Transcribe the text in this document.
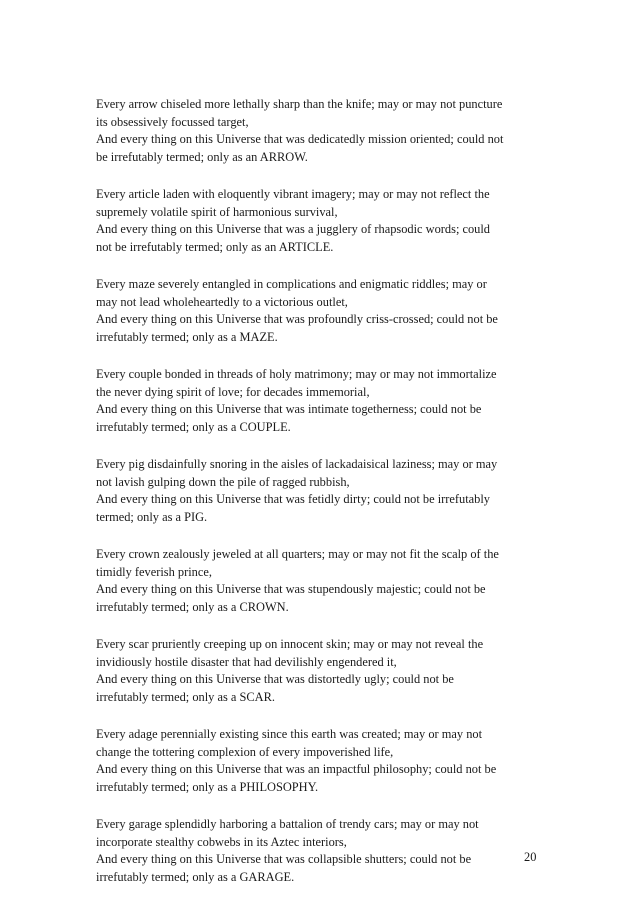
Every arrow chiseled more lethally sharp than the knife; may or may not puncture
its obsessively focussed target,
And every thing on this Universe that was dedicatedly mission oriented; could not
be irrefutably termed; only as an ARROW.
Every article laden with eloquently vibrant imagery; may or may not reflect the
supremely volatile spirit of harmonious survival,
And every thing on this Universe that was a jugglery of rhapsodic words; could
not be irrefutably termed; only as an ARTICLE.
Every maze severely entangled in complications and enigmatic riddles; may or
may not lead wholeheartedly to a victorious outlet,
And every thing on this Universe that was profoundly criss-crossed; could not be
irrefutably termed; only as a MAZE.
Every couple bonded in threads of holy matrimony; may or may not immortalize
the never dying spirit of love; for decades immemorial,
And every thing on this Universe that was intimate togetherness; could not be
irrefutably termed; only as a COUPLE.
Every pig disdainfully snoring in the aisles of lackadaisical laziness; may or may
not lavish gulping down the pile of ragged rubbish,
And every thing on this Universe that was fetidly dirty; could not be irrefutably
termed; only as a PIG.
Every crown zealously jeweled at all quarters; may or may not fit the scalp of the
timidly feverish prince,
And every thing on this Universe that was stupendously majestic; could not be
irrefutably termed; only as a CROWN.
Every scar pruriently creeping up on innocent skin; may or may not reveal the
invidiously hostile disaster that had devilishly engendered it,
And every thing on this Universe that was distortedly ugly; could not be
irrefutably termed; only as a SCAR.
Every adage perennially existing since this earth was created; may or may not
change the tottering complexion of every impoverished life,
And every thing on this Universe that was an impactful philosophy; could not be
irrefutably termed; only as a PHILOSOPHY.
Every garage splendidly harboring a battalion of trendy cars; may or may not
incorporate stealthy cobwebs in its Aztec interiors,
And every thing on this Universe that was collapsible shutters; could not be
irrefutably termed; only as a GARAGE.
20
